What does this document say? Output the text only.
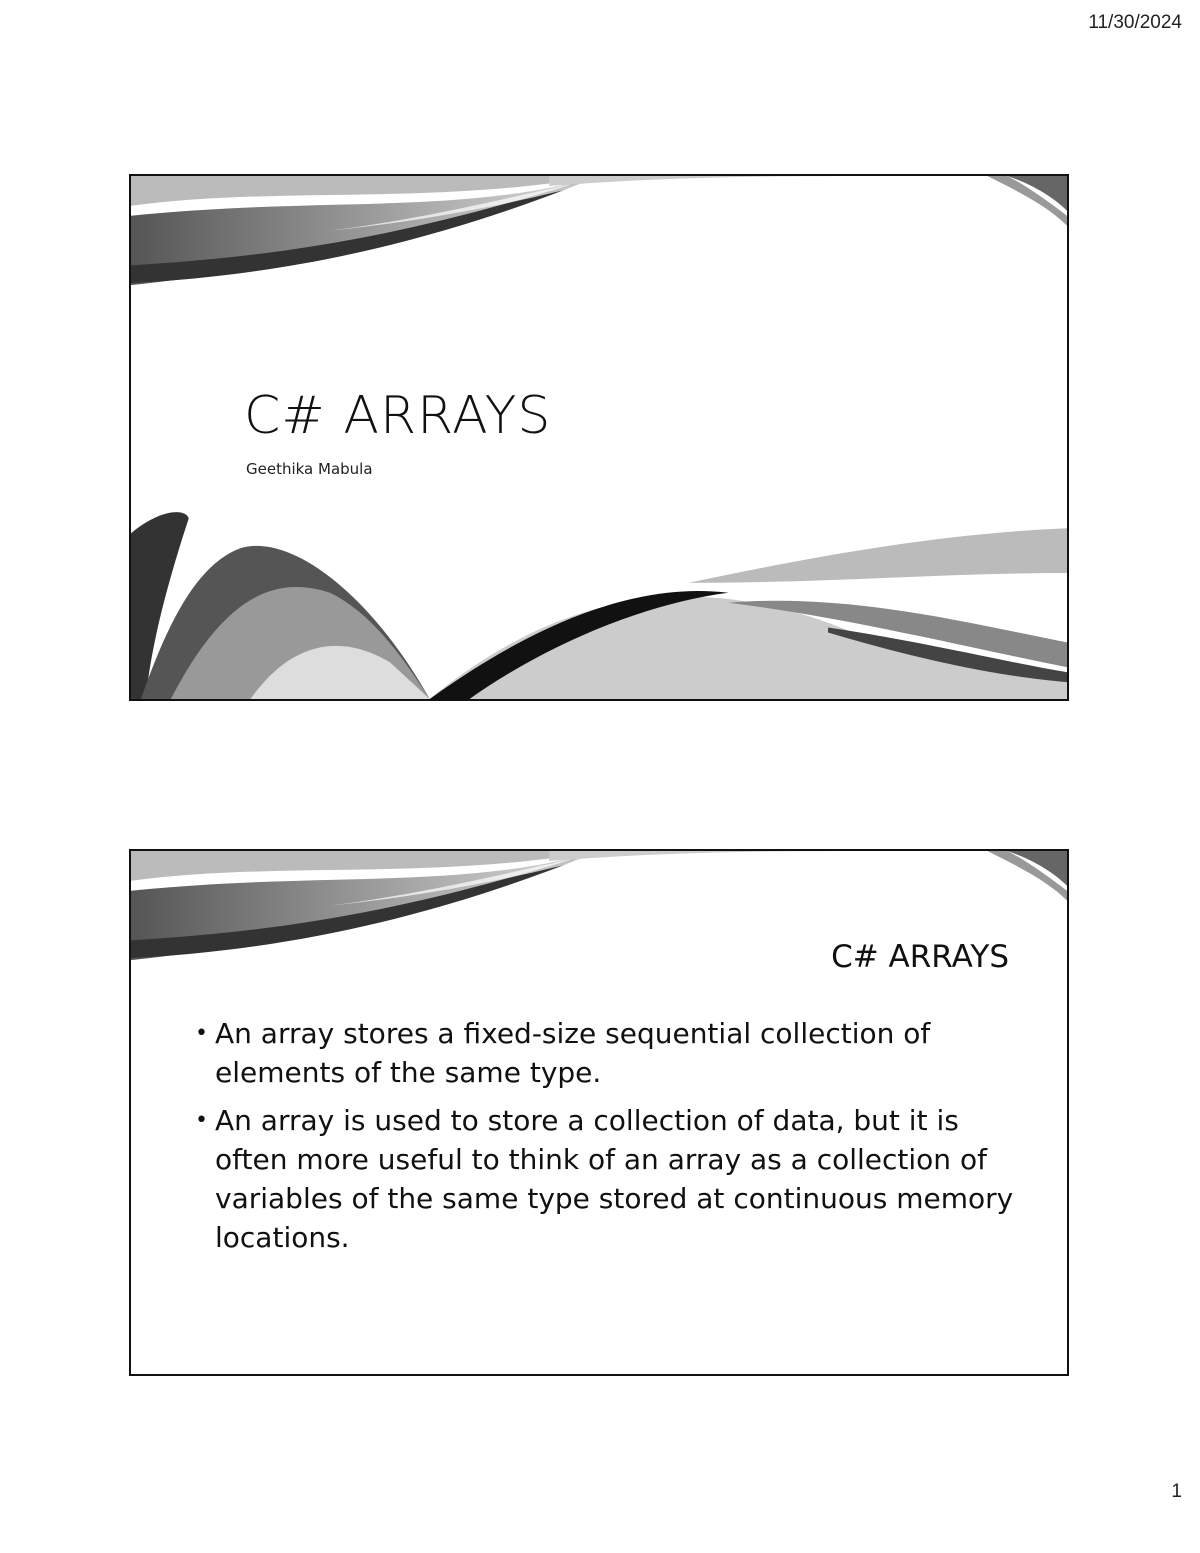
11/30/2024
C# ARRAYS
Geethika Mabula
C# ARRAYS
• An array stores a fixed-size sequential collection of elements of the same type.
• An array is used to store a collection of data, but it is often more useful to think of an array as a collection of variables of the same type stored at continuous memory locations.
1
